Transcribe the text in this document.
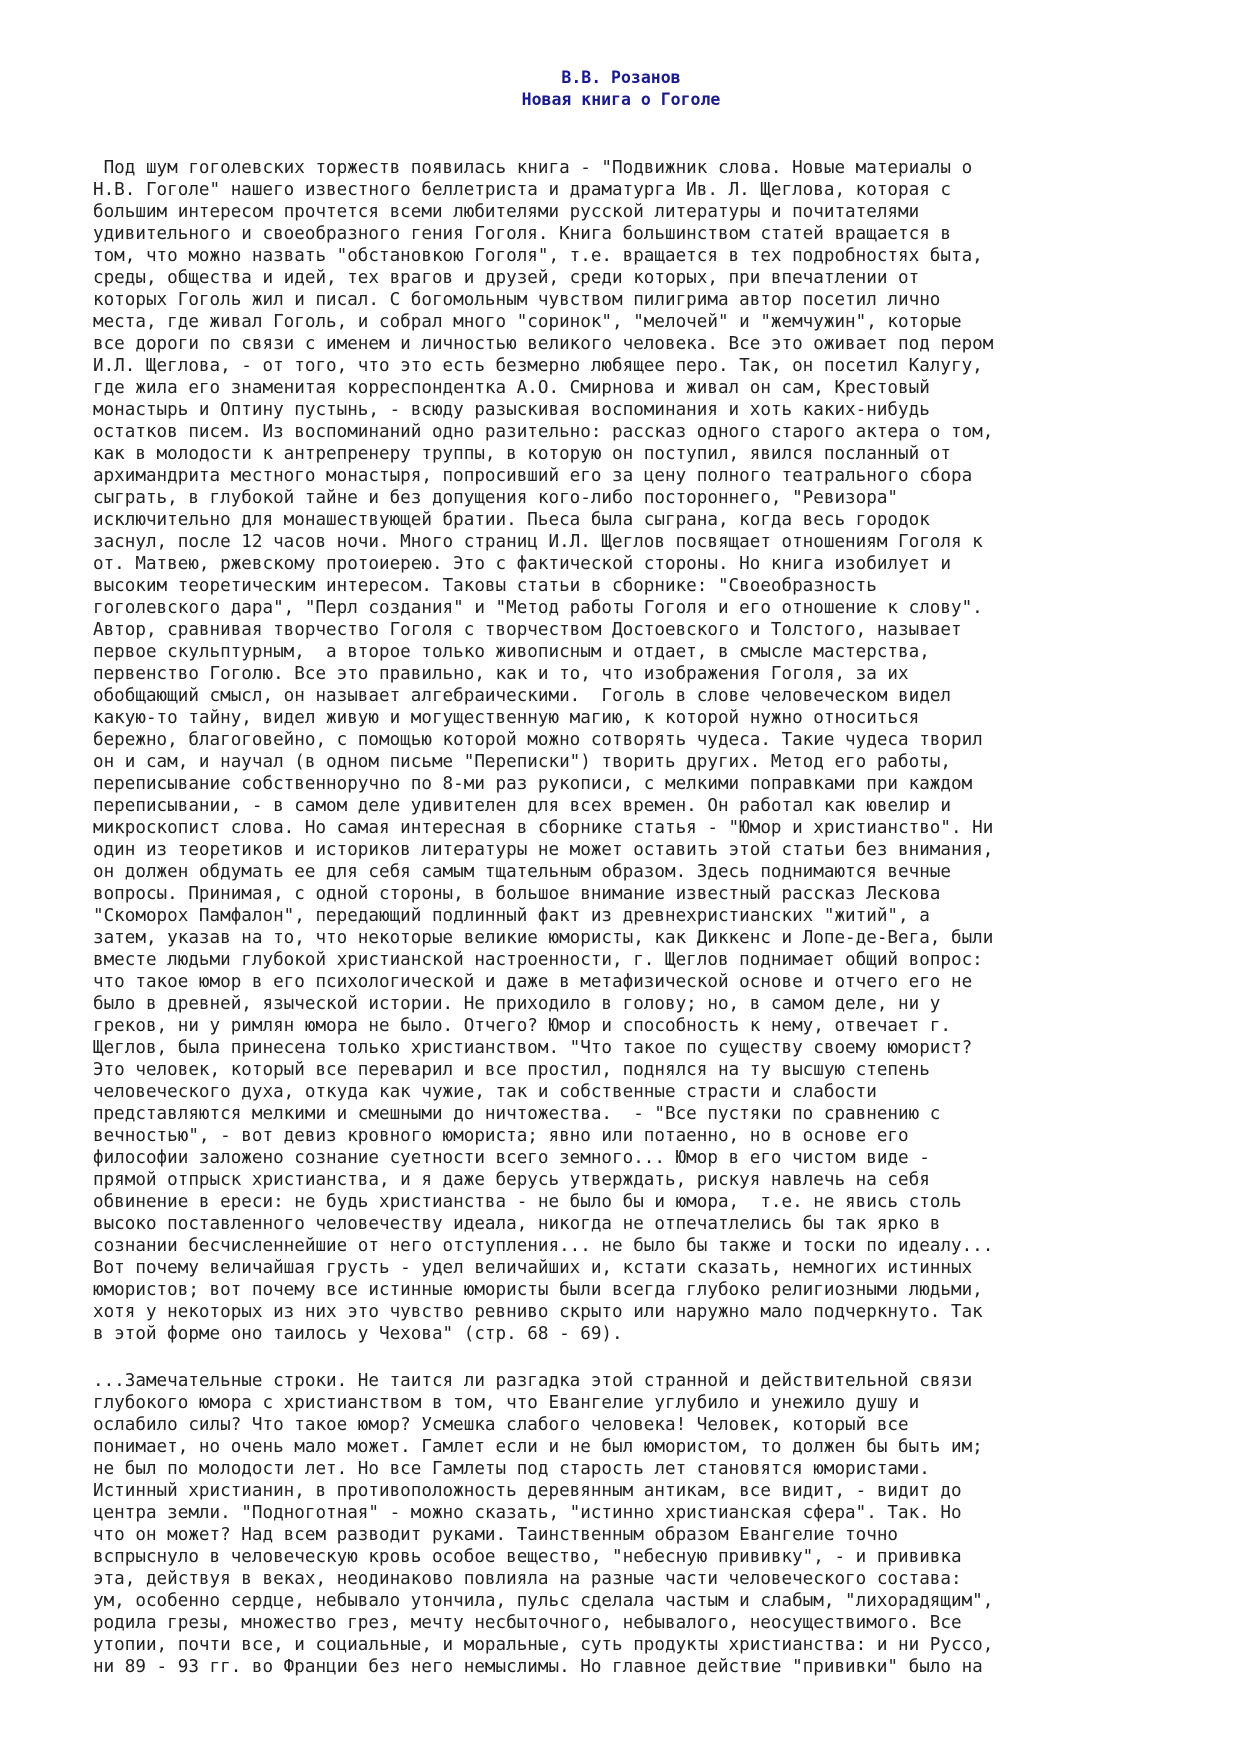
В.В. Розанов
Новая книга о Гоголе
Под шум гоголевских торжеств появилась книга - "Подвижник слова. Новые материалы о
Н.В. Гоголе" нашего известного беллетриста и драматурга Ив. Л. Щеглова, которая с
большим интересом прочтется всеми любителями русской литературы и почитателями
удивительного и своеобразного гения Гоголя. Книга большинством статей вращается в
том, что можно назвать "обстановкою Гоголя", т.е. вращается в тех подробностях быта,
среды, общества и идей, тех врагов и друзей, среди которых, при впечатлении от
которых Гоголь жил и писал. С богомольным чувством пилигрима автор посетил лично
места, где живал Гоголь, и собрал много "соринок", "мелочей" и "жемчужин", которые
все дороги по связи с именем и личностью великого человека. Все это оживает под пером
И.Л. Щеглова, - от того, что это есть безмерно любящее перо. Так, он посетил Калугу,
где жила его знаменитая корреспондентка А.О. Смирнова и живал он сам, Крестовый
монастырь и Оптину пустынь, - всюду разыскивая воспоминания и хоть каких-нибудь
остатков писем. Из воспоминаний одно разительно: рассказ одного старого актера о том,
как в молодости к антрепренеру труппы, в которую он поступил, явился посланный от
архимандрита местного монастыря, попросивший его за цену полного театрального сбора
сыграть, в глубокой тайне и без допущения кого-либо постороннего, "Ревизора"
исключительно для монашествующей братии. Пьеса была сыграна, когда весь городок
заснул, после 12 часов ночи. Много страниц И.Л. Щеглов посвящает отношениям Гоголя к
от. Матвею, ржевскому протоиерею. Это с фактической стороны. Но книга изобилует и
высоким теоретическим интересом. Таковы статьи в сборнике: "Своеобразность
гоголевского дара", "Перл создания" и "Метод работы Гоголя и его отношение к слову".
Автор, сравнивая творчество Гоголя с творчеством Достоевского и Толстого, называет
первое скульптурным,  а второе только живописным и отдает, в смысле мастерства,
первенство Гоголю. Все это правильно, как и то, что изображения Гоголя, за их
обобщающий смысл, он называет алгебраическими.  Гоголь в слове человеческом видел
какую-то тайну, видел живую и могущественную магию, к которой нужно относиться
бережно, благоговейно, с помощью которой можно сотворять чудеса. Такие чудеса творил
он и сам, и научал (в одном письме "Переписки") творить других. Метод его работы,
переписывание собственноручно по 8-ми раз рукописи, с мелкими поправками при каждом
переписывании, - в самом деле удивителен для всех времен. Он работал как ювелир и
микроскопист слова. Но самая интересная в сборнике статья - "Юмор и христианство". Ни
один из теоретиков и историков литературы не может оставить этой статьи без внимания,
он должен обдумать ее для себя самым тщательным образом. Здесь поднимаются вечные
вопросы. Принимая, с одной стороны, в большое внимание известный рассказ Лескова
"Скоморох Памфалон", передающий подлинный факт из древнехристианских "житий", а
затем, указав на то, что некоторые великие юмористы, как Диккенс и Лопе-де-Вега, были
вместе людьми глубокой христианской настроенности, г. Щеглов поднимает общий вопрос:
что такое юмор в его психологической и даже в метафизической основе и отчего его не
было в древней, языческой истории. Не приходило в голову; но, в самом деле, ни у
греков, ни у римлян юмора не было. Отчего? Юмор и способность к нему, отвечает г.
Щеглов, была принесена только христианством. "Что такое по существу своему юморист?
Это человек, который все переварил и все простил, поднялся на ту высшую степень
человеческого духа, откуда как чужие, так и собственные страсти и слабости
представляются мелкими и смешными до ничтожества.  - "Все пустяки по сравнению с
вечностью", - вот девиз кровного юмориста; явно или потаенно, но в основе его
философии заложено сознание суетности всего земного... Юмор в его чистом виде -
прямой отпрыск христианства, и я даже берусь утверждать, рискуя навлечь на себя
обвинение в ереси: не будь христианства - не было бы и юмора,  т.е. не явись столь
высоко поставленного человечеству идеала, никогда не отпечатлелись бы так ярко в
сознании бесчисленнейшие от него отступления... не было бы также и тоски по идеалу...
Вот почему величайшая грусть - удел величайших и, кстати сказать, немногих истинных
юмористов; вот почему все истинные юмористы были всегда глубоко религиозными людьми,
хотя у некоторых из них это чувство ревниво скрыто или наружно мало подчеркнуто. Так
в этой форме оно таилось у Чехова" (стр. 68 - 69).
...Замечательные строки. Не таится ли разгадка этой странной и действительной связи
глубокого юмора с христианством в том, что Евангелие углубило и унежило душу и
ослабило силы? Что такое юмор? Усмешка слабого человека! Человек, который все
понимает, но очень мало может. Гамлет если и не был юмористом, то должен бы быть им;
не был по молодости лет. Но все Гамлеты под старость лет становятся юмористами.
Истинный христианин, в противоположность деревянным антикам, все видит, - видит до
центра земли. "Подноготная" - можно сказать, "истинно христианская сфера". Так. Но
что он может? Над всем разводит руками. Таинственным образом Евангелие точно
вспрыснуло в человеческую кровь особое вещество, "небесную прививку", - и прививка
эта, действуя в веках, неодинаково повлияла на разные части человеческого состава:
ум, особенно сердце, небывало утончила, пульс сделала частым и слабым, "лихорадящим",
родила грезы, множество грез, мечту несбыточного, небывалого, неосуществимого. Все
утопии, почти все, и социальные, и моральные, суть продукты христианства: и ни Руссо,
ни 89 - 93 гг. во Франции без него немыслимы. Но главное действие "прививки" было на
